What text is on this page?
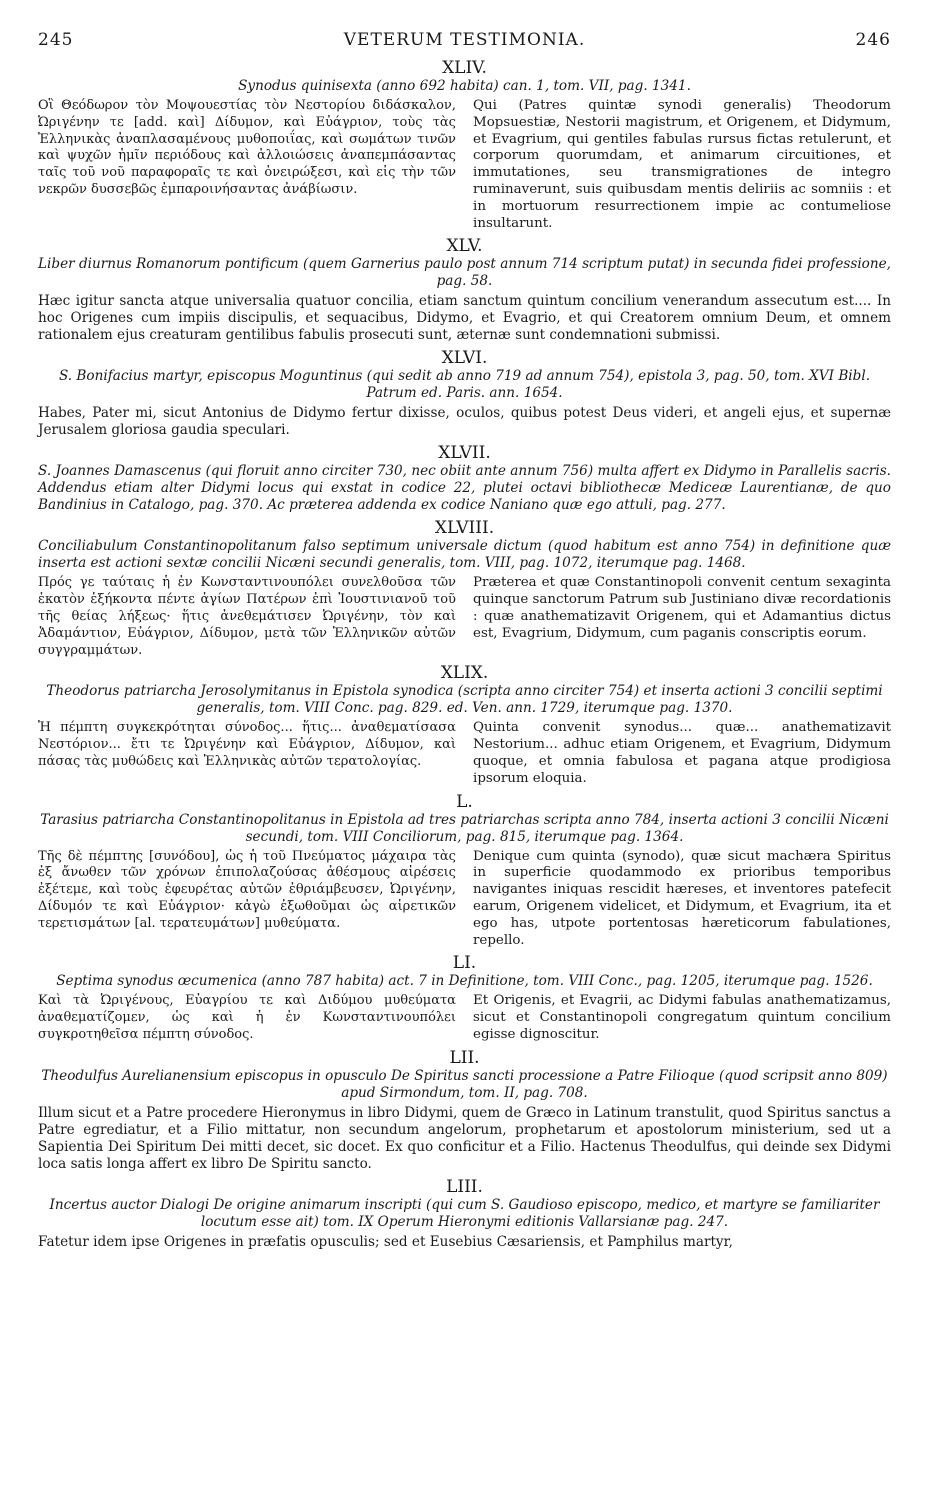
245	VETERUM TESTIMONIA.	246
XLIV.
Synodus quinisexta (anno 692 habita) can. 1, tom. VII, pag. 1341.
Οἳ Θεόδωρον τὸν Μοψουεστίας τὸν Νεστορίου διδάσκαλον, Ὠριγένην τε [add. καὶ] Δίδυμον, καὶ Εὐάγριον, τοὺς τὰς Ἑλληνικὰς ἀναπλασαμένους μυθοποιΐας, καὶ σωμάτων τινῶν καὶ ψυχῶν ἡμῖν περιόδους καὶ ἀλλοιώσεις ἀναπεμπάσαντας ταῖς τοῦ νοῦ παραφοραῖς τε καὶ ὀνειρώξεσι, καὶ εἰς τὴν τῶν νεκρῶν δυσσεβῶς ἐμπαροινήσαντας ἀνάβίωσιν.
Qui (Patres quintæ synodi generalis) Theodorum Mopsuestiæ, Nestorii magistrum, et Origenem, et Didymum, et Evagrium, qui gentiles fabulas rursus fictas retulerunt, et corporum quorumdam, et animarum circuitiones, et immutationes, seu transmigrationes de integro ruminaverunt, suis quibusdam mentis deliriis ac somniis : et in mortuorum resurrectionem impie ac contumeliose insultarunt.
XLV.
Liber diurnus Romanorum pontificum (quem Garnerius paulo post annum 714 scriptum putat) in secunda fidei professione, pag. 58.
Hæc igitur sancta atque universalia quatuor concilia, etiam sanctum quintum concilium venerandum assecutum est.... In hoc Origenes cum impiis discipulis, et sequacibus, Didymo, et Evagrio, et qui Creatorem omnium Deum, et omnem rationalem ejus creaturam gentilibus fabulis prosecuti sunt, æternæ sunt condemnationi submissi.
XLVI.
S. Bonifacius martyr, episcopus Moguntinus (qui sedit ab anno 719 ad annum 754), epistola 3, pag. 50, tom. XVI Bibl. Patrum ed. Paris. ann. 1654.
Habes, Pater mi, sicut Antonius de Didymo fertur dixisse, oculos, quibus potest Deus videri, et angeli ejus, et supernæ Jerusalem gloriosa gaudia speculari.
XLVII.
S. Joannes Damascenus (qui floruit anno circiter 730, nec obiit ante annum 756) multa affert ex Didymo in Parallelis sacris. Addendus etiam alter Didymi locus qui exstat in codice 22, plutei octavi bibliothecæ Mediceæ Laurentianæ, de quo Bandinius in Catalogo, pag. 370. Ac præterea addenda ex codice Naniano quæ ego attuli, pag. 277.
XLVIII.
Conciliabulum Constantinopolitanum falso septimum universale dictum (quod habitum est anno 754) in definitione quæ inserta est actioni sextæ concilii Nicæni secundi generalis, tom. VIII, pag. 1072, iterumque pag. 1468.
Πρός γε ταύταις ἡ ἐν Κωνσταντινουπόλει συνελθοῦσα τῶν ἑκατὸν ἑξήκοντα πέντε ἁγίων Πατέρων ἐπὶ Ἰουστινιανοῦ τοῦ τῆς θείας λήξεως· ἥτις ἀνεθεμάτισεν Ὠριγένην, τὸν καὶ Ἀδαμάντιον, Εὐάγριον, Δίδυμον, μετὰ τῶν Ἑλληνικῶν αὐτῶν συγγραμμάτων.
Præterea et quæ Constantinopoli convenit centum sexaginta quinque sanctorum Patrum sub Justiniano divæ recordationis : quæ anathematizavit Origenem, qui et Adamantius dictus est, Evagrium, Didymum, cum paganis conscriptis eorum.
XLIX.
Theodorus patriarcha Jerosolymitanus in Epistola synodica (scripta anno circiter 754) et inserta actioni 3 concilii septimi generalis, tom. VIII Conc. pag. 829. ed. Ven. ann. 1729, iterumque pag. 1370.
Ἡ πέμπτη συγκεκρότηται σύνοδος... ἥτις... ἀναθεματίσασα Νεστόριον... ἔτι τε Ὠριγένην καὶ Εὐάγριον, Δίδυμον, καὶ πάσας τὰς μυθώδεις καὶ Ἑλληνικὰς αὐτῶν τερατολογίας.
Quinta convenit synodus... quæ... anathematizavit Nestorium... adhuc etiam Origenem, et Evagrium, Didymum quoque, et omnia fabulosa et pagana atque prodigiosa ipsorum eloquia.
L.
Tarasius patriarcha Constantinopolitanus in Epistola ad tres patriarchas scripta anno 784, inserta actioni 3 concilii Nicæni secundi, tom. VIII Conciliorum, pag. 815, iterumque pag. 1364.
Τῆς δὲ πέμπτης [συνόδου], ὡς ἡ τοῦ Πνεύματος μάχαιρα τὰς ἐξ ἄνωθεν τῶν χρόνων ἐπιπολαζούσας ἀθέσμους αἱρέσεις ἐξέτεμε, καὶ τοὺς ἐφευρέτας αὐτῶν ἐθριάμβευσεν, Ὠριγένην, Δίδυμόν τε καὶ Εὐάγριον· κἀγὼ ἐξωθοῦμαι ὡς αἱρετικῶν τερετισμάτων [al. τερατευμάτων] μυθεύματα.
Denique cum quinta (synodo), quæ sicut machæra Spiritus in superficie quodammodo ex prioribus temporibus navigantes iniquas rescidit hæreses, et inventores patefecit earum, Origenem videlicet, et Didymum, et Evagrium, ita et ego has, utpote portentosas hæreticorum fabulationes, repello.
LI.
Septima synodus œcumenica (anno 787 habita) act. 7 in Definitione, tom. VIII Conc., pag. 1205, iterumque pag. 1526.
Καὶ τὰ Ὠριγένους, Εὐαγρίου τε καὶ Διδύμου μυθεύματα ἀναθεματίζομεν, ὡς καὶ ἡ ἐν Κωνσταντινουπόλει συγκροτηθεῖσα πέμπτη σύνοδος.
Et Origenis, et Evagrii, ac Didymi fabulas anathematizamus, sicut et Constantinopoli congregatum quintum concilium egisse dignoscitur.
LII.
Theodulfus Aurelianensium episcopus in opusculo De Spiritus sancti processione a Patre Filioque (quod scripsit anno 809) apud Sirmondum, tom. II, pag. 708.
Illum sicut et a Patre procedere Hieronymus in libro Didymi, quem de Græco in Latinum transtulit, quod Spiritus sanctus a Patre egrediatur, et a Filio mittatur, non secundum angelorum, prophetarum et apostolorum ministerium, sed ut a Sapientia Dei Spiritum Dei mitti decet, sic docet. Ex quo conficitur et a Filio. Hactenus Theodulfus, qui deinde sex Didymi loca satis longa affert ex libro De Spiritu sancto.
LIII.
Incertus auctor Dialogi De origine animarum inscripti (qui cum S. Gaudioso episcopo, medico, et martyre se familiariter locutum esse ait) tom. IX Operum Hieronymi editionis Vallarsianæ pag. 247.
Fatetur idem ipse Origenes in præfatis opusculis; sed et Eusebius Cæsariensis, et Pamphilus martyr,
